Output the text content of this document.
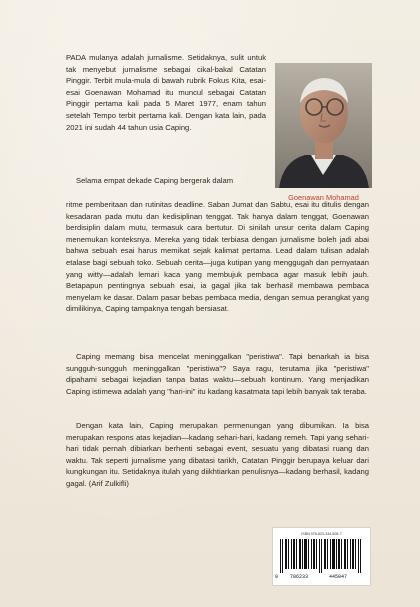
PADA mulanya adalah jurnalisme. Setidaknya, sulit untuk tak menyebut jurnalisme sebagai cikal-bakal Catatan Pinggir. Terbit mula-mula di bawah rubrik Fokus Kita, esai-esai Goenawan Mohamad itu muncul sebagai Catatan Pinggir pertama kali pada 5 Maret 1977, enam tahun setelah Tempo terbit pertama kali. Dengan kata lain, pada 2021 ini sudah 44 tahun usia Caping.

Goenawan Mohamad

Selama empat dekade Caping bergerak dalam

ritme pemberitaan dan rutinitas deadline. Saban Jumat dan Sabtu, esai itu ditulis dengan kesadaran pada mutu dan kedisiplinan tenggat. Tak hanya dalam tenggat, Goenawan berdisiplin dalam mutu, termasuk cara bertutur. Di sinilah unsur cerita dalam Caping menemukan konteksnya. Mereka yang tidak terbiasa dengan jurnalisme boleh jadi abai bahwa sebuah esai harus memikat sejak kalimat pertama. Lead dalam tulisan adalah etalase bagi sebuah toko. Sebuah cerita—juga kutipan yang menggugah dan pernyataan yang witty—adalah lemari kaca yang membujuk pembaca agar masuk lebih jauh. Betapapun pentingnya sebuah esai, ia gagal jika tak berhasil membawa pembaca menyelam ke dasar. Dalam pasar bebas pembaca media, dengan semua perangkat yang dimilikinya, Caping tampaknya tengah bersiasat.

Caping memang bisa mencelat meninggalkan "peristiwa". Tapi benarkah ia bisa sungguh-sungguh meninggalkan "peristiwa"? Saya ragu, terutama jika "peristiwa" dipahami sebagai kejadian tanpa batas waktu—sebuah kontinum. Yang menjadikan Caping istimewa adalah yang "hari-ini" itu kadang kasatmata tapi lebih banyak tak teraba.

Dengan kata lain, Caping merupakan permenungan yang dibumikan. Ia bisa merupakan respons atas kejadian—kadang sehari-hari, kadang remeh. Tapi yang sehari-hari tidak pernah dibiarkan berhenti sebagai event, sesuatu yang dibatasi ruang dan waktu. Tak seperti jurnalisme yang dibatasi tarikh, Catatan Pinggir berupaya keluar dari kungkungan itu. Setidaknya itulah yang diikhtiarkan penulisnya—kadang berhasil, kadang gagal. (Arif Zulkifli)

ISBN 978-623-344-505-7
9 786233	445047
